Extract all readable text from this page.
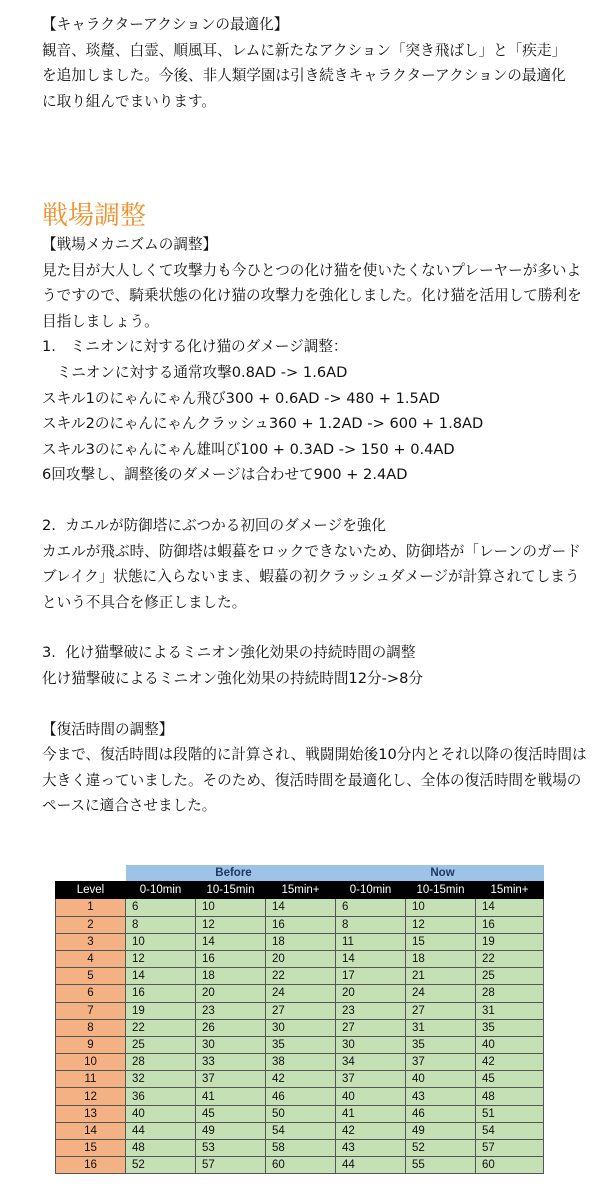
【キャラクターアクションの最適化】

観音、琰釐、白霊、順風耳、レムに新たなアクション「突き飛ばし」と「疾走」

を追加しました。今後、非人類学園は引き続きキャラクターアクションの最適化

に取り組んでまいります。

戦場調整

【戦場メカニズムの調整】

見た目が大人しくて攻撃力も今ひとつの化け猫を使いたくないプレーヤーが多いよ

うですので、騎乗状態の化け猫の攻撃力を強化しました。化け猫を活用して勝利を

目指しましょう。

1.　ミニオンに対する化け猫のダメージ調整：

　ミニオンに対する通常攻撃0.8AD -> 1.6AD

スキル1のにゃんにゃん飛び300 + 0.6AD -> 480 + 1.5AD

スキル2のにゃんにゃんクラッシュ360 + 1.2AD -> 600 + 1.8AD

スキル3のにゃんにゃん雄叫び100 + 0.3AD -> 150 + 0.4AD

6回攻撃し、調整後のダメージは合わせて900 + 2.4AD

2.  カエルが防御塔にぶつかる初回のダメージを強化

カエルが飛ぶ時、防御塔は蝦蟇をロックできないため、防御塔が「レーンのガード

ブレイク」状態に入らないまま、蝦蟇の初クラッシュダメージが計算されてしまう

という不具合を修正しました。

3.  化け猫撃破によるミニオン強化効果の持続時間の調整

化け猫撃破によるミニオン強化効果の持続時間12分->8分

【復活時間の調整】

今まで、復活時間は段階的に計算され、戦闘開始後10分内とそれ以降の復活時間は

大きく違っていました。そのため、復活時間を最適化し、全体の復活時間を戦場の

ペースに適合させました。

	Before			Now		
Level	0-10min	10-15min	15min+	0-10min	10-15min	15min+
1	6	10	14	6	10	14
2	8	12	16	8	12	16
3	10	14	18	11	15	19
4	12	16	20	14	18	22
5	14	18	22	17	21	25
6	16	20	24	20	24	28
7	19	23	27	23	27	31
8	22	26	30	27	31	35
9	25	30	35	30	35	40
10	28	33	38	34	37	42
11	32	37	42	37	40	45
12	36	41	46	40	43	48
13	40	45	50	41	46	51
14	44	49	54	42	49	54
15	48	53	58	43	52	57
16	52	57	60	44	55	60
